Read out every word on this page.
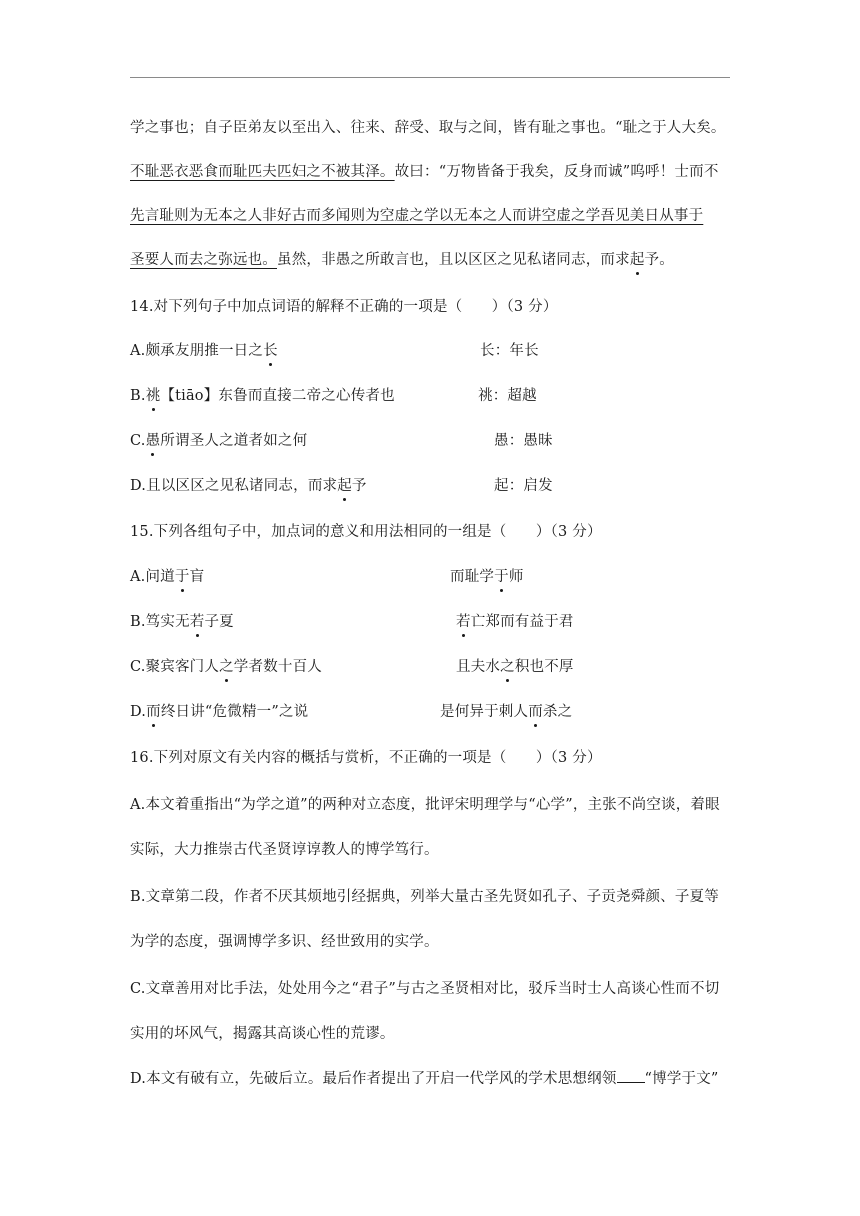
学之事也；自子臣弟友以至出入、往来、辞受、取与之间，皆有耻之事也。“耻之于人大矣。
不耻恶衣恶食而耻匹夫匹妇之不被其泽。故曰：“万物皆备于我矣，反身而诚”呜呼！士而不
先言耻则为无本之人非好古而多闻则为空虚之学以无本之人而讲空虚之学吾见美日从事于
圣要人而去之弥远也。虽然，非愚之所敢言也，且以区区之见私诸同志，而求起予。
14.对下列句子中加点词语的解释不正确的一项是（　　）（3 分）
A.颇承友朋推一日之长	长：年长
B.祧【tiāo】东鲁而直接二帝之心传者也	祧：超越
C.愚所谓圣人之道者如之何	愚：愚昧
D.且以区区之见私诸同志，而求起予	起：启发
15.下列各组句子中，加点词的意义和用法相同的一组是（　　）（3 分）
A.问道于盲	而耻学于师
B.笃实无若子夏	若亡郑而有益于君
C.聚宾客门人之学者数十百人	且夫水之积也不厚
D.而终日讲“危微精一”之说	是何异于刺人而杀之
16.下列对原文有关内容的概括与赏析，不正确的一项是（　　）（3 分）
A.本文着重指出“为学之道”的两种对立态度，批评宋明理学与“心学”，主张不尚空谈，着眼
实际，大力推崇古代圣贤谆谆教人的博学笃行。
B.文章第二段，作者不厌其烦地引经据典，列举大量古圣先贤如孔子、子贡尧舜颜、子夏等
为学的态度，强调博学多识、经世致用的实学。
C.文章善用对比手法，处处用今之“君子”与古之圣贤相对比，驳斥当时士人高谈心性而不切
实用的坏风气，揭露其高谈心性的荒谬。
D.本文有破有立，先破后立。最后作者提出了开启一代学风的学术思想纲领 “博学于文”
